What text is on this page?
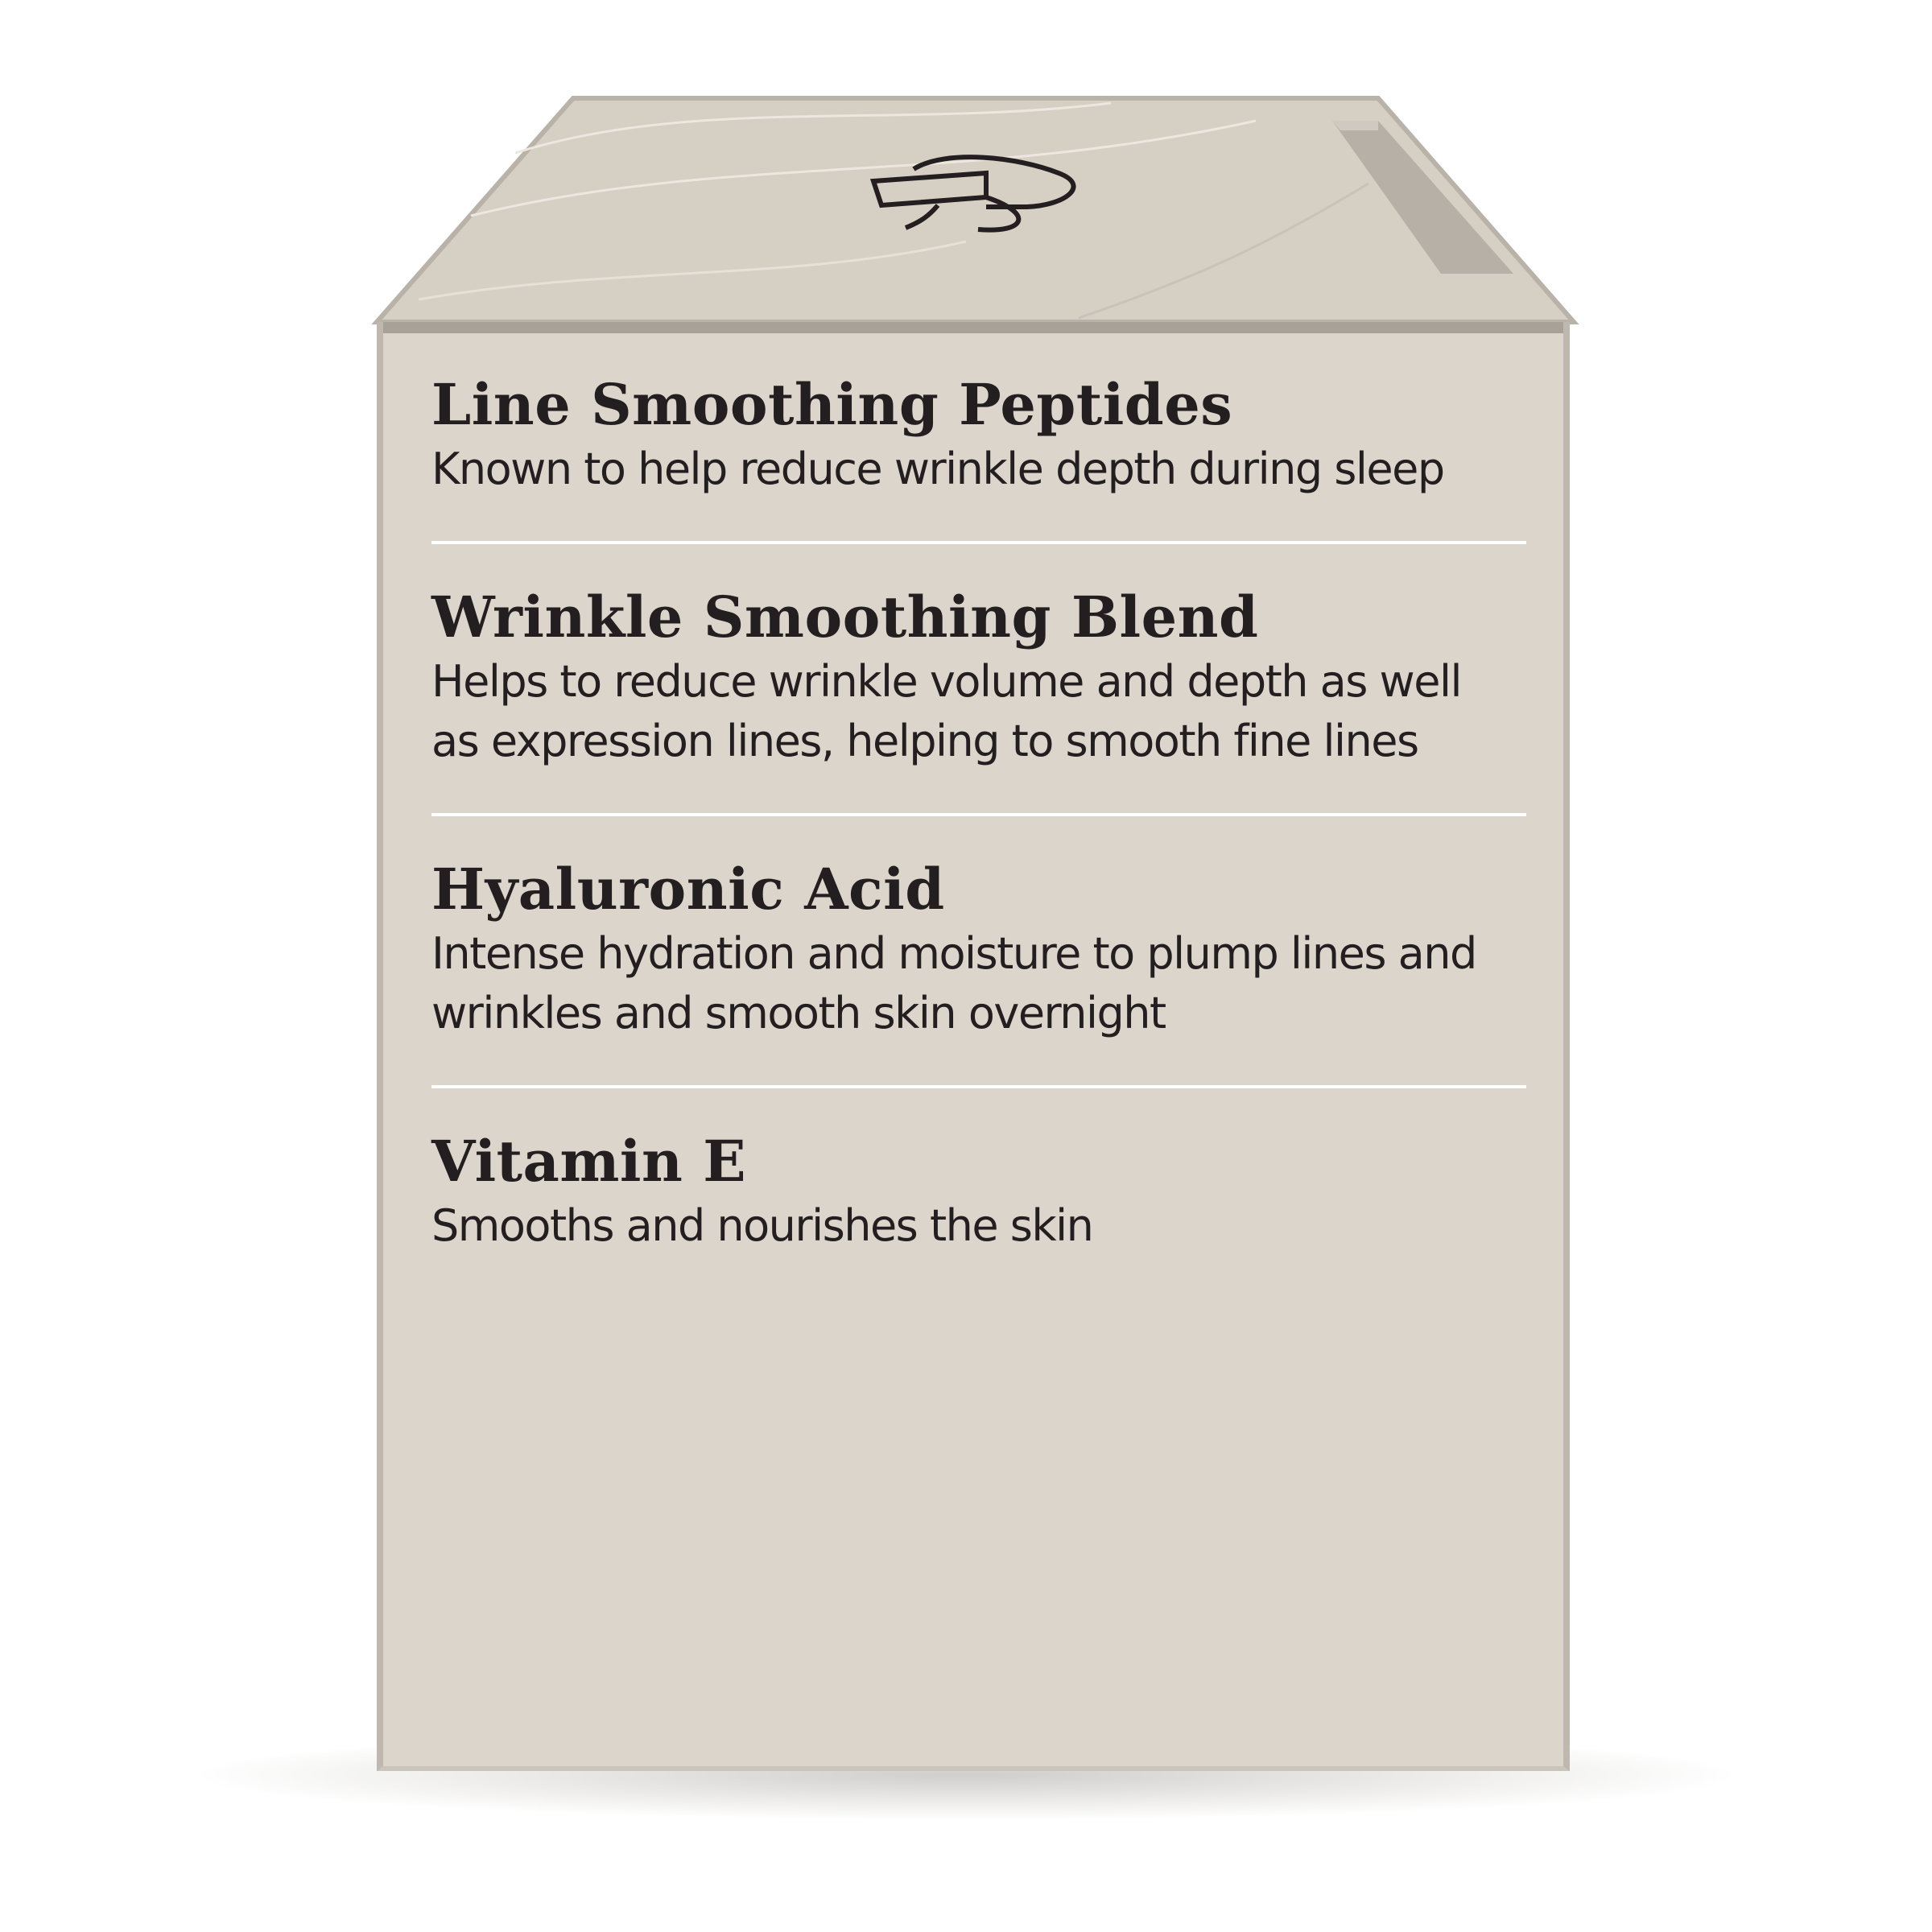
Line Smoothing Peptides

Known to help reduce wrinkle depth during sleep

Wrinkle Smoothing Blend

Helps to reduce wrinkle volume and depth as well
as expression lines, helping to smooth fine lines

Hyaluronic Acid

Intense hydration and moisture to plump lines and
wrinkles and smooth skin overnight

Vitamin E

Smooths and nourishes the skin
